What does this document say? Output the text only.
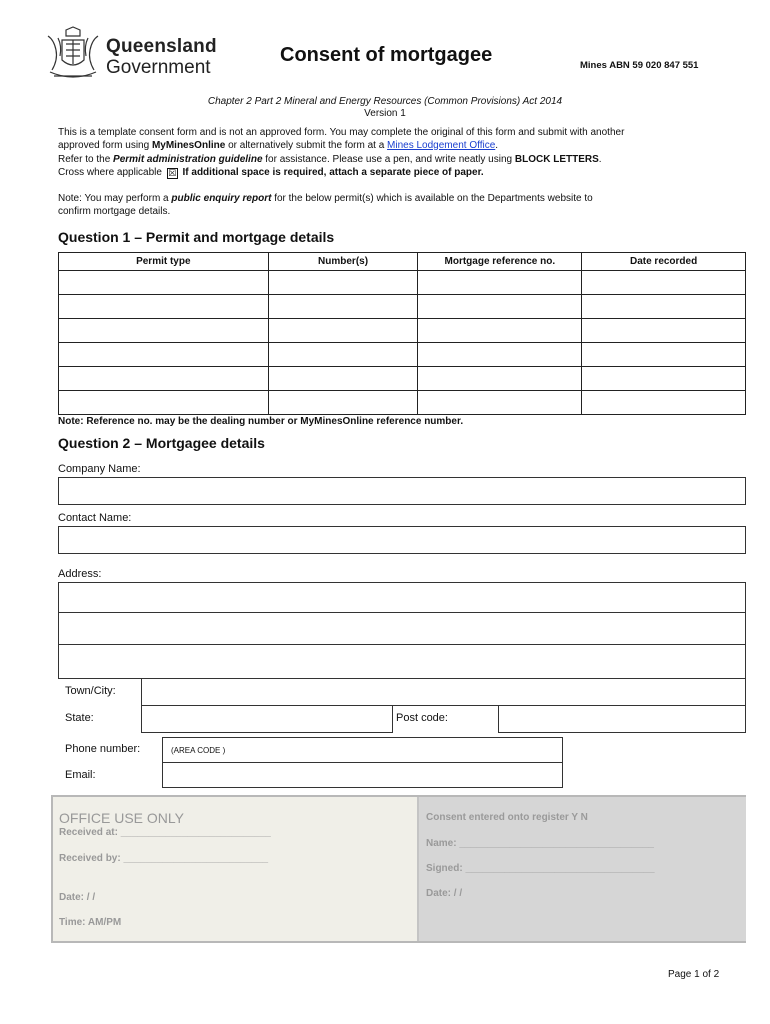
Queensland
Government
Consent of mortgagee	Mines ABN 59 020 847 551
Chapter 2 Part 2 Mineral and Energy Resources (Common Provisions) Act 2014
Version 1
This is a template consent form and is not an approved form. You may complete the original of this form and submit with another
approved form using MyMinesOnline or alternatively submit the form at a Mines Lodgement Office.
Refer to the Permit administration guideline for assistance. Please use a pen, and write neatly using BLOCK LETTERS.
Cross where applicable ☒ If additional space is required, attach a separate piece of paper.
Note: You may perform a public enquiry report for the below permit(s) which is available on the Departments website to
confirm mortgage details.
Question 1 – Permit and mortgage details
Permit type	Number(s)	Mortgage reference no.	Date recorded

Note: Reference no. may be the dealing number or MyMinesOnline reference number.
Question 2 – Mortgagee details
Company Name:
Contact Name:
Address:
Town/City:
State:	Post code:
Phone number:	(AREA CODE )
Email:
OFFICE USE ONLY
Received at: ___________________________
Received by: __________________________
Date: / /
Time: AM/PM
Consent entered onto register Y N
Name: ___________________________________
Signed: __________________________________
Date: / /
Page 1 of 2
